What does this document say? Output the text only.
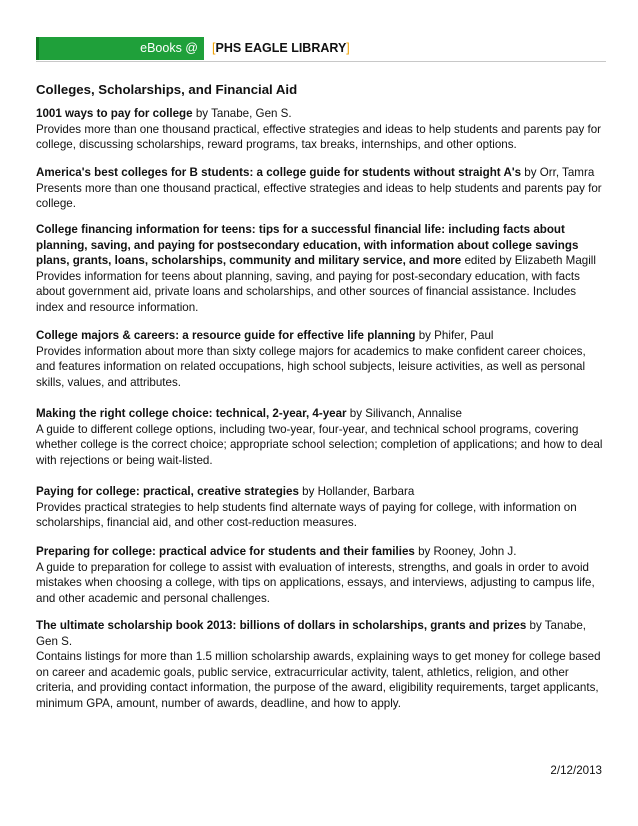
eBooks @ [PHS EAGLE LIBRARY]
Colleges, Scholarships, and Financial Aid
1001 ways to pay for college by Tanabe, Gen S.
Provides more than one thousand practical, effective strategies and ideas to help students and parents pay for college, discussing scholarships, reward programs, tax breaks, internships, and other options.
America's best colleges for B students: a college guide for students without straight A's by Orr, Tamra
Presents more than one thousand practical, effective strategies and ideas to help students and parents pay for college.
College financing information for teens: tips for a successful financial life: including facts about planning, saving, and paying for postsecondary education, with information about college savings plans, grants, loans, scholarships, community and military service, and more edited by Elizabeth Magill
Provides information for teens about planning, saving, and paying for post-secondary education, with facts about government aid, private loans and scholarships, and other sources of financial assistance. Includes index and resource information.
College majors & careers: a resource guide for effective life planning by Phifer, Paul
Provides information about more than sixty college majors for academics to make confident career choices, and features information on related occupations, high school subjects, leisure activities, as well as personal skills, values, and attributes.
Making the right college choice: technical, 2-year, 4-year by Silivanch, Annalise
A guide to different college options, including two-year, four-year, and technical school programs, covering whether college is the correct choice; appropriate school selection; completion of applications; and how to deal with rejections or being wait-listed.
Paying for college: practical, creative strategies by Hollander, Barbara
Provides practical strategies to help students find alternate ways of paying for college, with information on scholarships, financial aid, and other cost-reduction measures.
Preparing for college: practical advice for students and their families by Rooney, John J.
A guide to preparation for college to assist with evaluation of interests, strengths, and goals in order to avoid mistakes when choosing a college, with tips on applications, essays, and interviews, adjusting to campus life, and other academic and personal challenges.
The ultimate scholarship book 2013: billions of dollars in scholarships, grants and prizes by Tanabe, Gen S.
Contains listings for more than 1.5 million scholarship awards, explaining ways to get money for college based on career and academic goals, public service, extracurricular activity, talent, athletics, religion, and other criteria, and providing contact information, the purpose of the award, eligibility requirements, target applicants, minimum GPA, amount, number of awards, deadline, and how to apply.
2/12/2013
